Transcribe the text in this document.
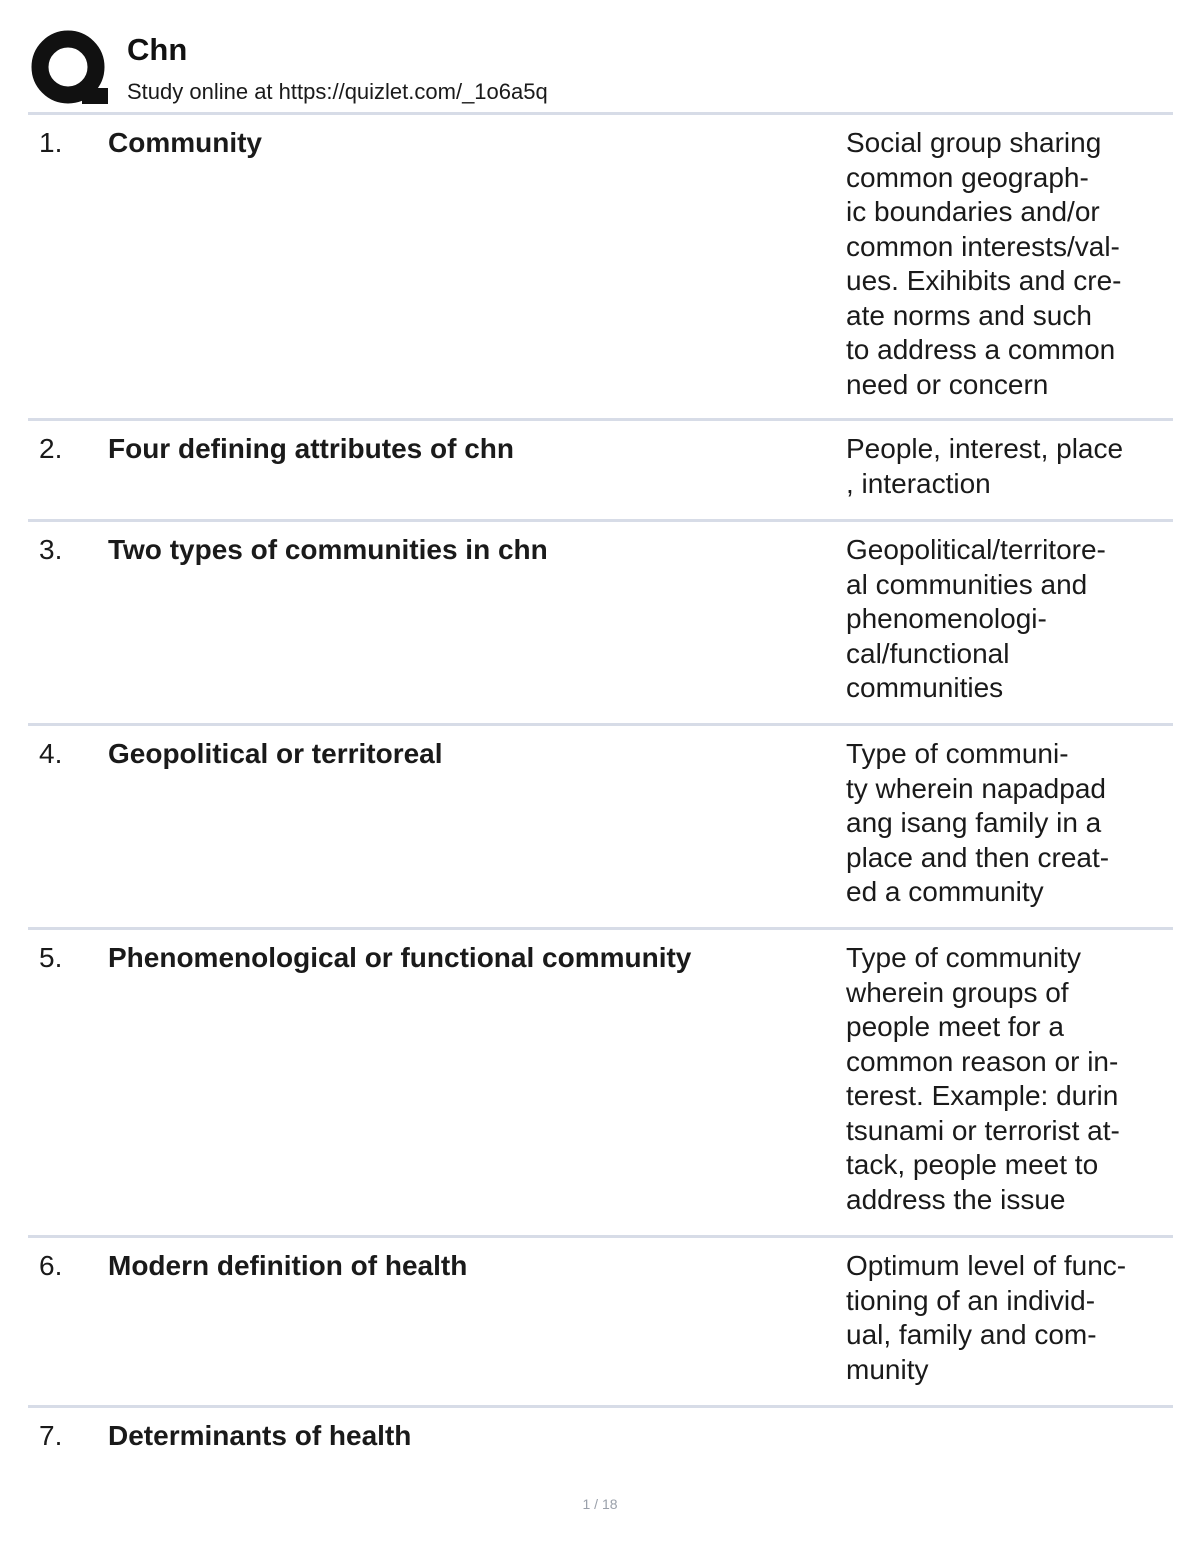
Chn
Study online at https://quizlet.com/_1o6a5q
1. Community	Social group sharing
common geograph-
ic boundaries and/or
common interests/val-
ues. Exihibits and cre-
ate norms and such
to address a common
need or concern
2. Four defining attributes of chn	People, interest, place
, interaction
3. Two types of communities in chn	Geopolitical/territore-
al communities and
phenomenologi-
cal/functional
communities
4. Geopolitical or territoreal	Type of communi-
ty wherein napadpad
ang isang family in a
place and then creat-
ed a community
5. Phenomenological or functional community	Type of community
wherein groups of
people meet for a
common reason or in-
terest. Example: durin
tsunami or terrorist at-
tack, people meet to
address the issue
6. Modern definition of health	Optimum level of func-
tioning of an individ-
ual, family and com-
munity
7. Determinants of health
1 / 18
